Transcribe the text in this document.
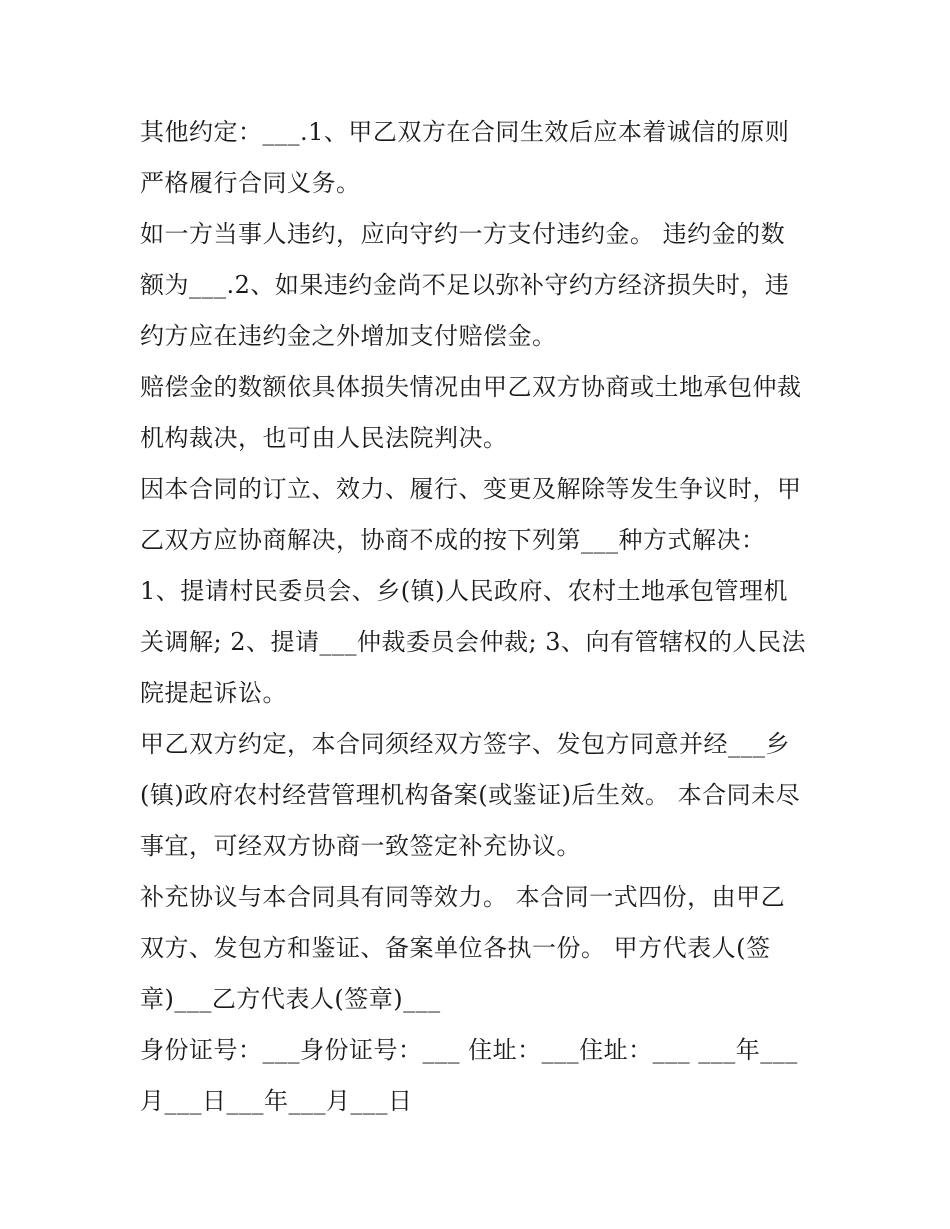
其他约定：___.1、甲乙双方在合同生效后应本着诚信的原则
严格履行合同义务。
如一方当事人违约，应向守约一方支付违约金。 违约金的数
额为___.2、如果违约金尚不足以弥补守约方经济损失时，违
约方应在违约金之外增加支付赔偿金。
赔偿金的数额依具体损失情况由甲乙双方协商或土地承包仲裁
机构裁决，也可由人民法院判决。
因本合同的订立、效力、履行、变更及解除等发生争议时，甲
乙双方应协商解决，协商不成的按下列第___种方式解决：
1、提请村民委员会、乡(镇)人民政府、农村土地承包管理机
关调解; 2、提请___仲裁委员会仲裁; 3、向有管辖权的人民法
院提起诉讼。
甲乙双方约定，本合同须经双方签字、发包方同意并经___乡
(镇)政府农村经营管理机构备案(或鉴证)后生效。 本合同未尽
事宜，可经双方协商一致签定补充协议。
补充协议与本合同具有同等效力。 本合同一式四份，由甲乙
双方、发包方和鉴证、备案单位各执一份。 甲方代表人(签
章)___乙方代表人(签章)___
身份证号：___身份证号：___ 住址：___住址：___ ___年___
月___日___年___月___日
